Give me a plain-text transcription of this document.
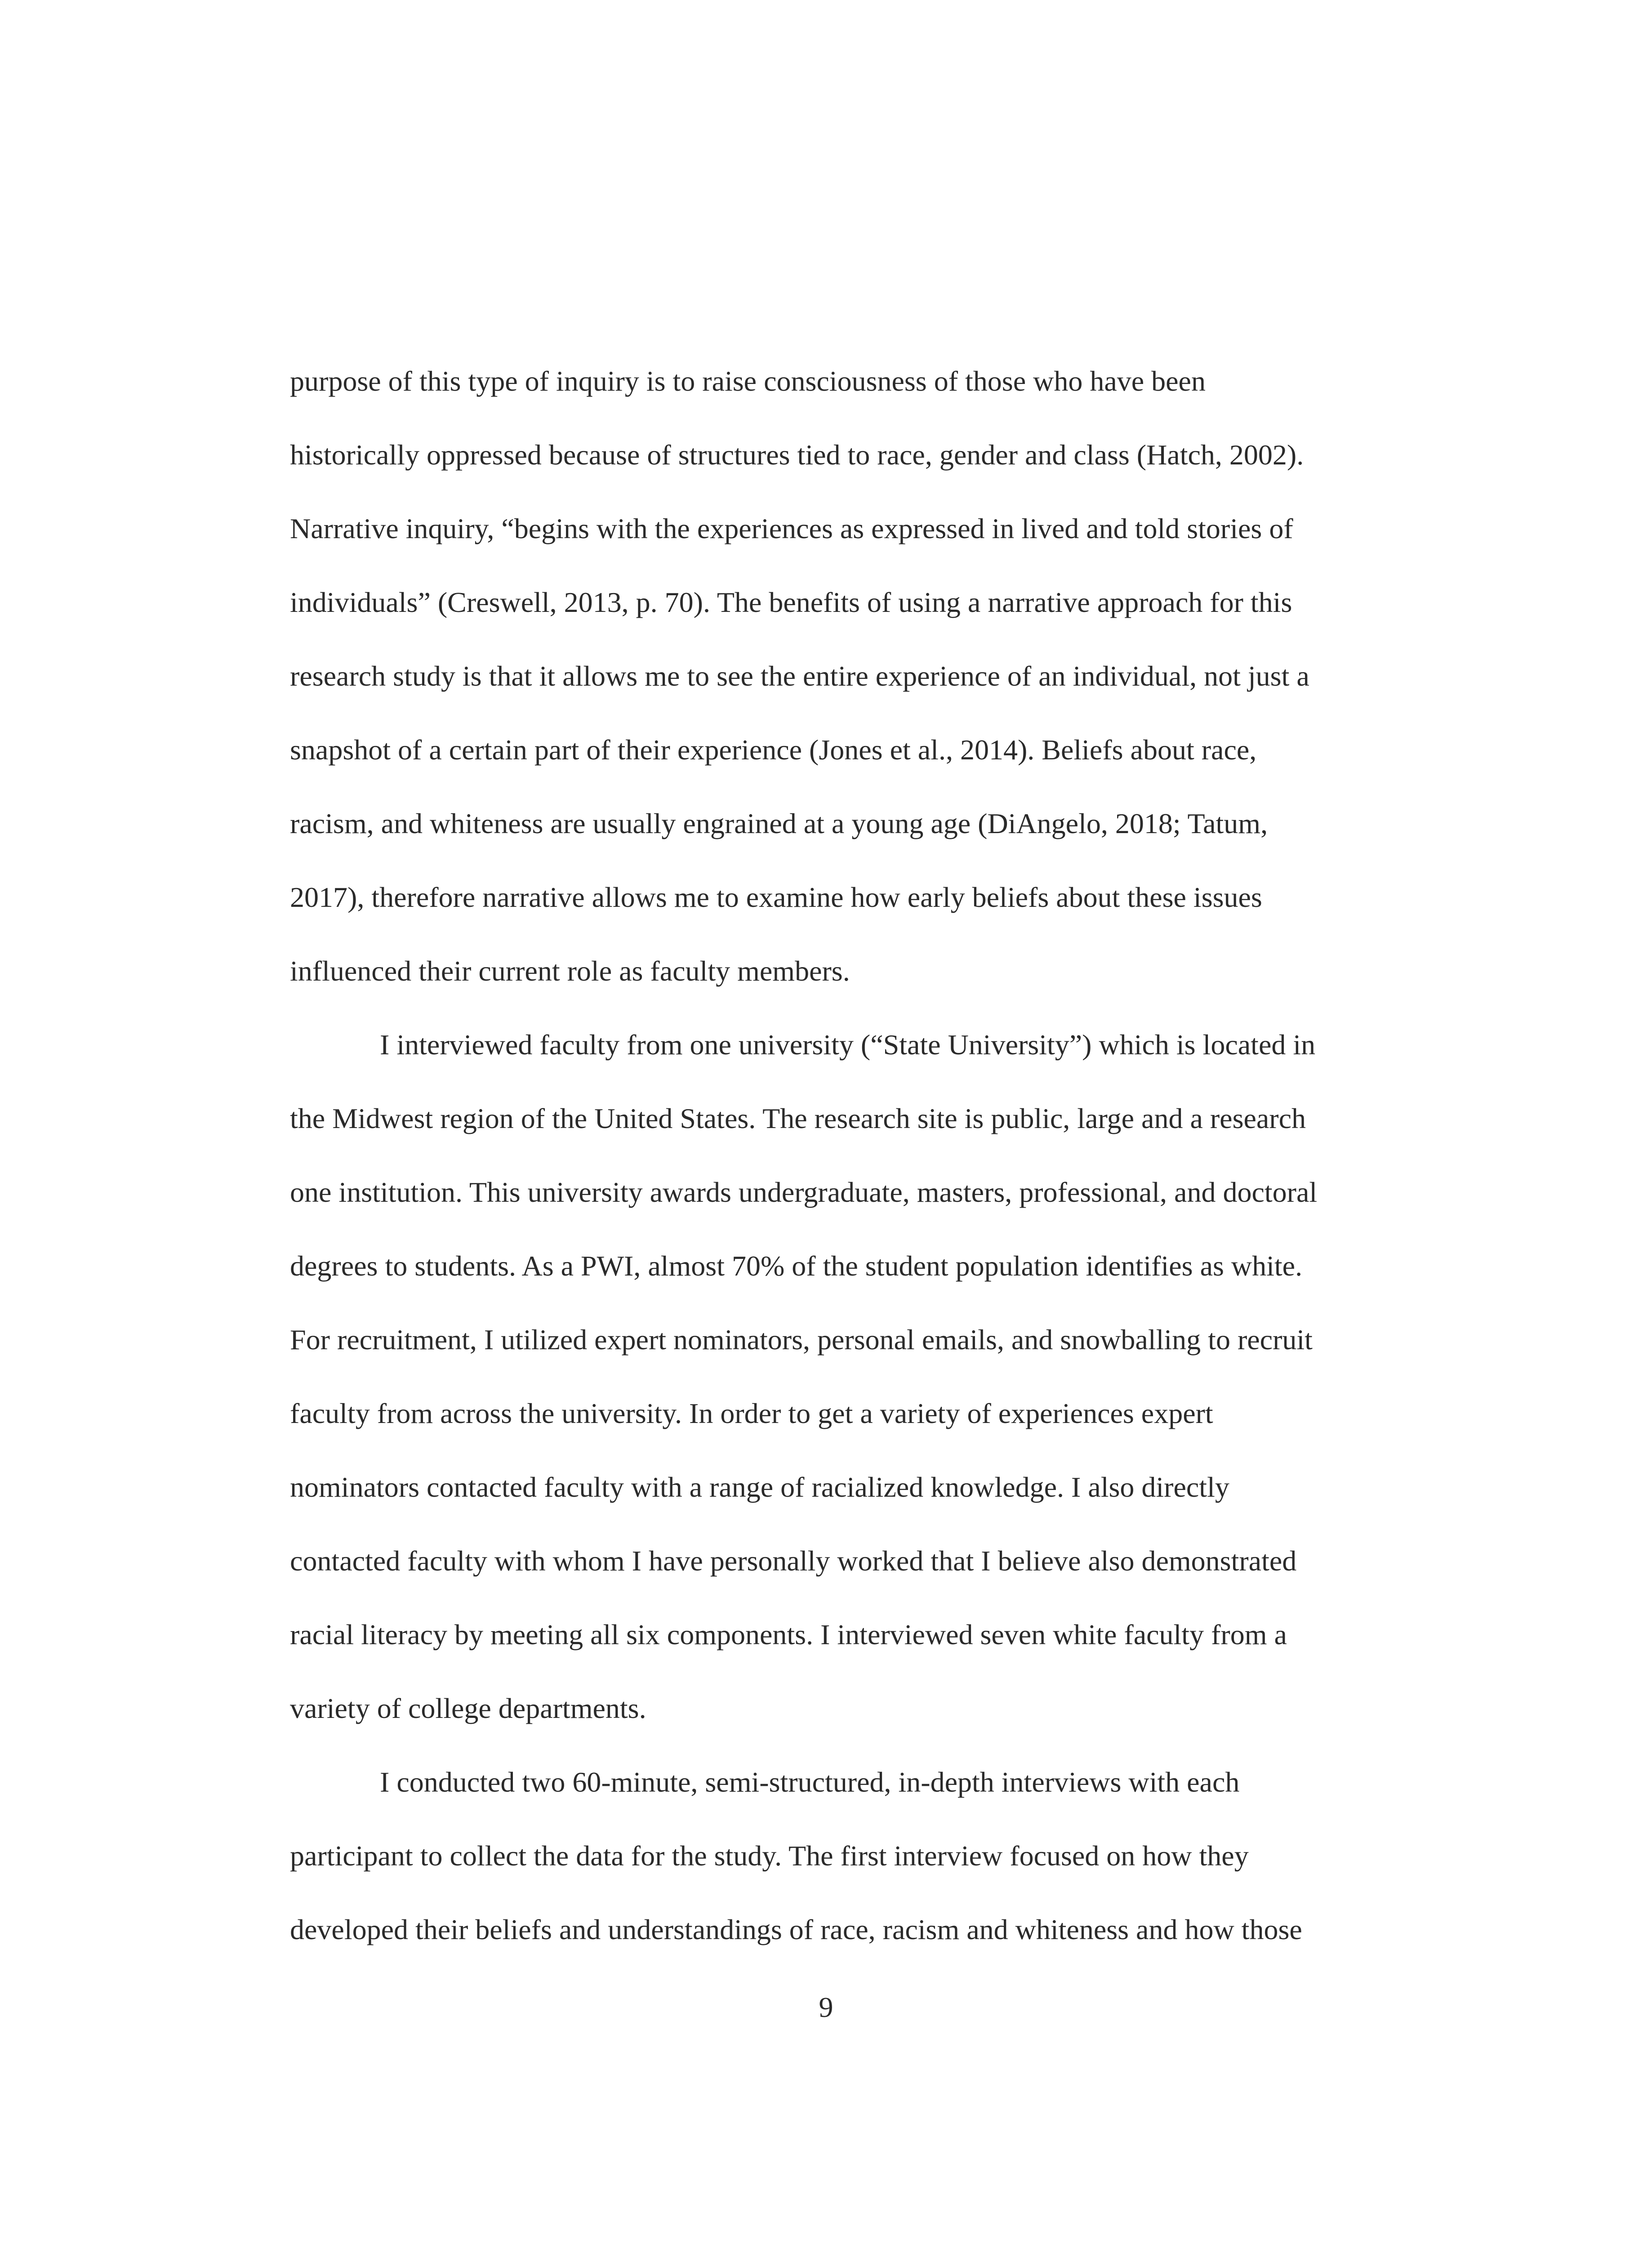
purpose of this type of inquiry is to raise consciousness of those who have been
historically oppressed because of structures tied to race, gender and class (Hatch, 2002).
Narrative inquiry, “begins with the experiences as expressed in lived and told stories of
individuals” (Creswell, 2013, p. 70). The benefits of using a narrative approach for this
research study is that it allows me to see the entire experience of an individual, not just a
snapshot of a certain part of their experience (Jones et al., 2014). Beliefs about race,
racism, and whiteness are usually engrained at a young age (DiAngelo, 2018; Tatum,
2017), therefore narrative allows me to examine how early beliefs about these issues
influenced their current role as faculty members.
I interviewed faculty from one university (“State University”) which is located in
the Midwest region of the United States. The research site is public, large and a research
one institution. This university awards undergraduate, masters, professional, and doctoral
degrees to students. As a PWI, almost 70% of the student population identifies as white.
For recruitment, I utilized expert nominators, personal emails, and snowballing to recruit
faculty from across the university. In order to get a variety of experiences expert
nominators contacted faculty with a range of racialized knowledge. I also directly
contacted faculty with whom I have personally worked that I believe also demonstrated
racial literacy by meeting all six components. I interviewed seven white faculty from a
variety of college departments.
I conducted two 60-minute, semi-structured, in-depth interviews with each
participant to collect the data for the study. The first interview focused on how they
developed their beliefs and understandings of race, racism and whiteness and how those
9
